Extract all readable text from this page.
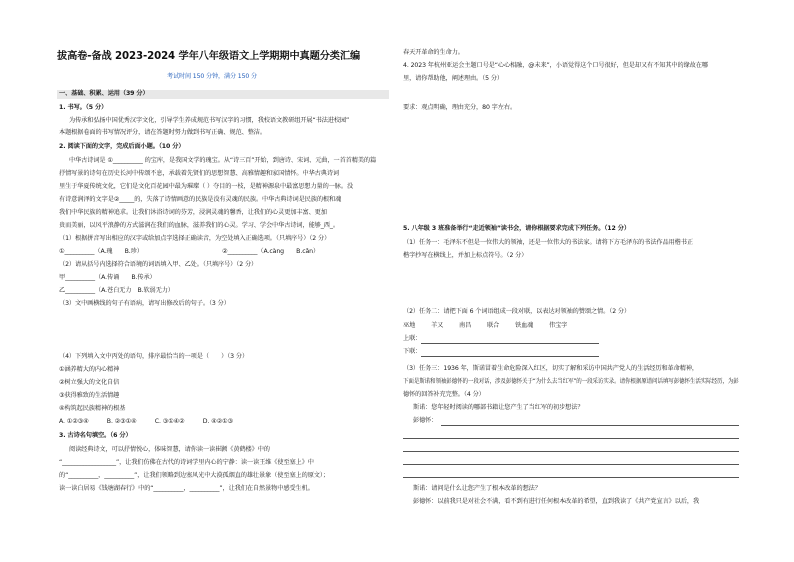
拔高卷-备战 2023-2024 学年八年级语文上学期期中真题分类汇编
考试时间 150 分钟，满分 150 分
一、基础、积累、运用（39 分）
1. 书写。（5 分）
为传承和弘扬中国优秀汉字文化，引导学生养成规范书写汉字的习惯，我校语文教研组开展“书法进校园”
本题根据卷面的书写情况评分，请在答题时努力做到书写正确、规范、整洁。
2. 阅读下面的文字，完成后面小题。（10 分）
中华古诗词是 ①__________ 的宝库，是我国文学的瑰宝。从“诗三百”开始，到唐诗、宋词、元曲，一首首精美的篇
抒情写景的诗句在历史长河中传颂不息，承载着先贤们的思想智慧、高雅情趣和家国情怀。中华古典诗词
里生于华夏传统文化，它们是文化百花园中最为璀璨（ ）夺目的一枝，是精神源泉中最富思想力量的一脉。没
有诗意润泽的文字是②_____的，失落了诗情画意的民族是没有灵魂的民族。中华古典诗词是民族的根和魂
我们中华民族的精神追求。让我们沐浴诗词的芬芳，浸润灵魂的馨香，让我们的心灵更加丰富、更加
贵而美丽，以风平浪静的方式滋润在我们的血脉，滋养我们的心灵。学习、学会中华古诗词，能够_西_。
（1）根据拼音写出相应的汉字或给加点字选择正确读音，为空处填入正确选项。（只填序号）（2 分）
①__________（A.瑰　　B.珍）	②__________（A.càng　　B.cǎn）
（2）请从括号内选择符合语境的词语填入甲、乙处。（只填序号）（2 分）
甲__________（A.传诵　　B.传承）
乙__________（A.苍白无力　B.软弱无力）
（3）文中画横线的句子有语病，请写出修改后的句子。（3 分）
（4）下列填入文中丙处的语句，排序最恰当的一项是（　　）（3 分）
①涵养精大的内心精神
②树立强大的文化自信
③获得雅致的生活情趣
④构筑起民族精神的根基
A. ①②③④　　　B. ②③①④　　　C. ③①④②　　　D. ④②①③
3. 古诗名句填空。（6 分）
阅读经典诗文，可以抒情悦心，体味智慧，请你读一读崔颢《黄鹤楼》中的
“__________________”，让我们仿佛在古代的诗词学里内心的宁静：读一读王维《使至塞上》中
的“__________，__________”，让我们领略到边塞风光中大漠孤烟直的雄壮景象（使至塞上的原文）；
读一读白居易《钱塘湖春行》中的“__________，__________”，让我们在自然景物中感受生机。
春天开革命的生命力。
4. 2023 年杭州亚运会主题口号是“心心相融，@未来”，小语觉得这个口号很好，但是却又有不知其中的缘故在哪
里，请你帮助他，阐述理由。（5 分）
要求：观点明确，理由充分，80 字左右。
5. 八年级 3 班准备举行“走近领袖”读书会，请你根据要求完成下列任务。（12 分）
（1）任务一：毛泽东不但是一位伟大的领袖，还是一位伟大的书法家。请将下方毛泽东的书法作品用楷书正
楷字抄写在横线上，并加上标点符号。（2 分）
（2）任务二：请把下面 6 个词语组成一段对联，以表达对领袖的赞颂之情。（2 分）
巫地	羊又	南昌	联合	铁血魂	伟宝字
上联：
下联：
（3）任务三：1936 年，斯诺冒着生命危险深入红区，切实了解和采访中国共产党人的生活经历和革命精神，
下面是斯诺和领袖彭德怀的一段对话，涉及彭德怀关于“为什么去当红军”的一段采访实录。请你根据原谱问话填写彭德怀生活实际经历，为彭
德怀的回答补充完整。（4 分）
斯诺：您年轻时阅读的哪部书籍让您产生了当红军的初步想法？
彭德怀：
斯诺：请问是什么让您产生了根本改革的想法？
彭德怀：以前我只是对社会不满，看不到有进行任何根本改革的希望，直到我读了《共产党宣言》以后，我
